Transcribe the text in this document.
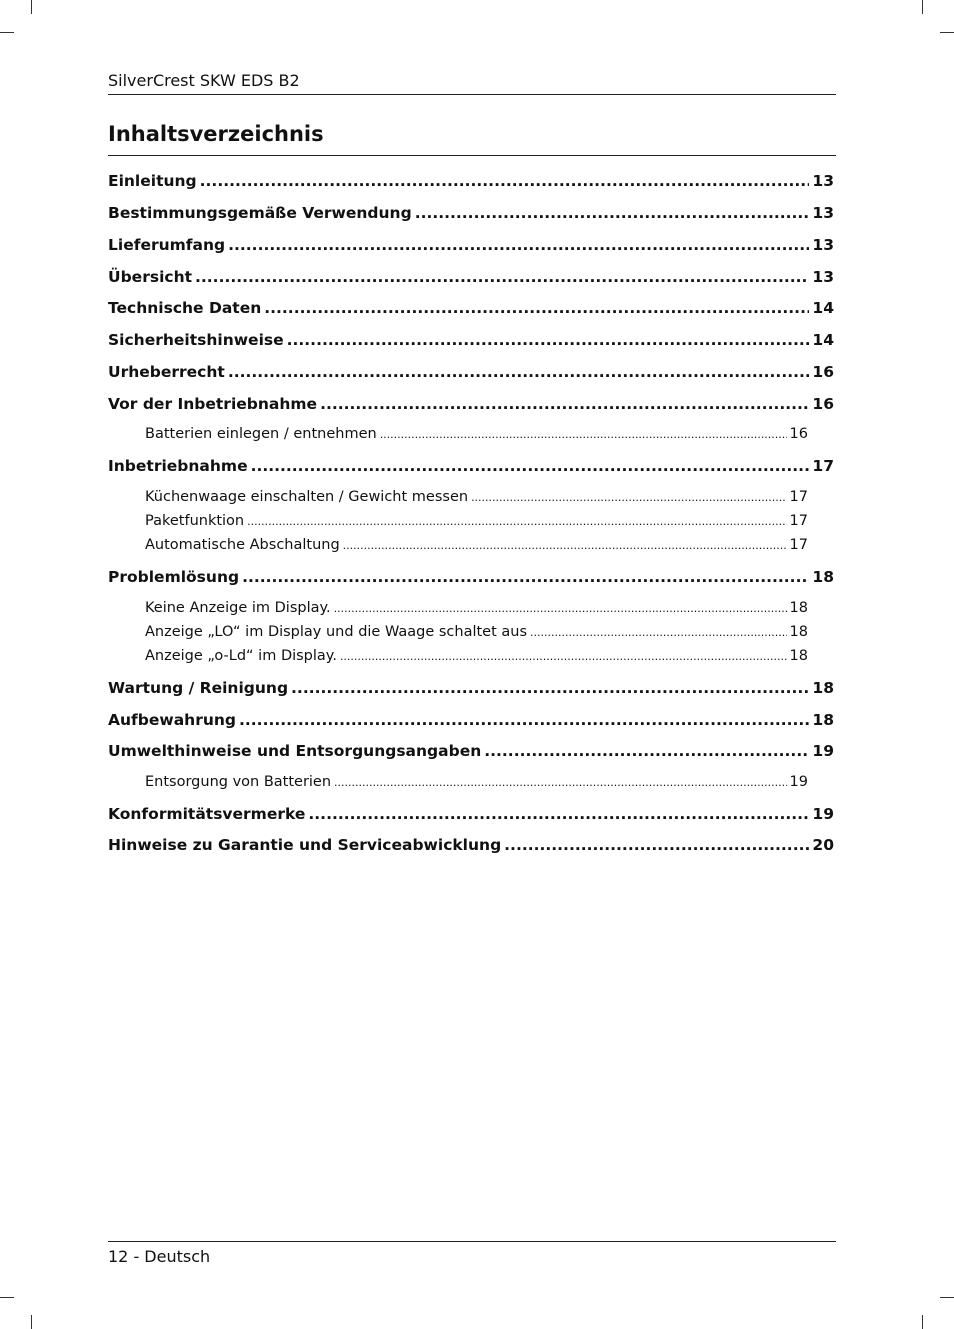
SilverCrest SKW EDS B2
Inhaltsverzeichnis
Einleitung .....	13
Bestimmungsgemäße Verwendung .....	13
Lieferumfang .....	13
Übersicht .....	13
Technische Daten .....	14
Sicherheitshinweise .....	14
Urheberrecht .....	16
Vor der Inbetriebnahme .....	16
Batterien einlegen / entnehmen .....	16
Inbetriebnahme .....	17
Küchenwaage einschalten / Gewicht messen .....	17
Paketfunktion .....	17
Automatische Abschaltung .....	17
Problemlösung .....	18
Keine Anzeige im Display. .....	18
Anzeige „LO“ im Display und die Waage schaltet aus .....	18
Anzeige „o-Ld“ im Display. .....	18
Wartung / Reinigung .....	18
Aufbewahrung .....	18
Umwelthinweise und Entsorgungsangaben .....	19
Entsorgung von Batterien .....	19
Konformitätsvermerke .....	19
Hinweise zu Garantie und Serviceabwicklung .....	20
12 - Deutsch
